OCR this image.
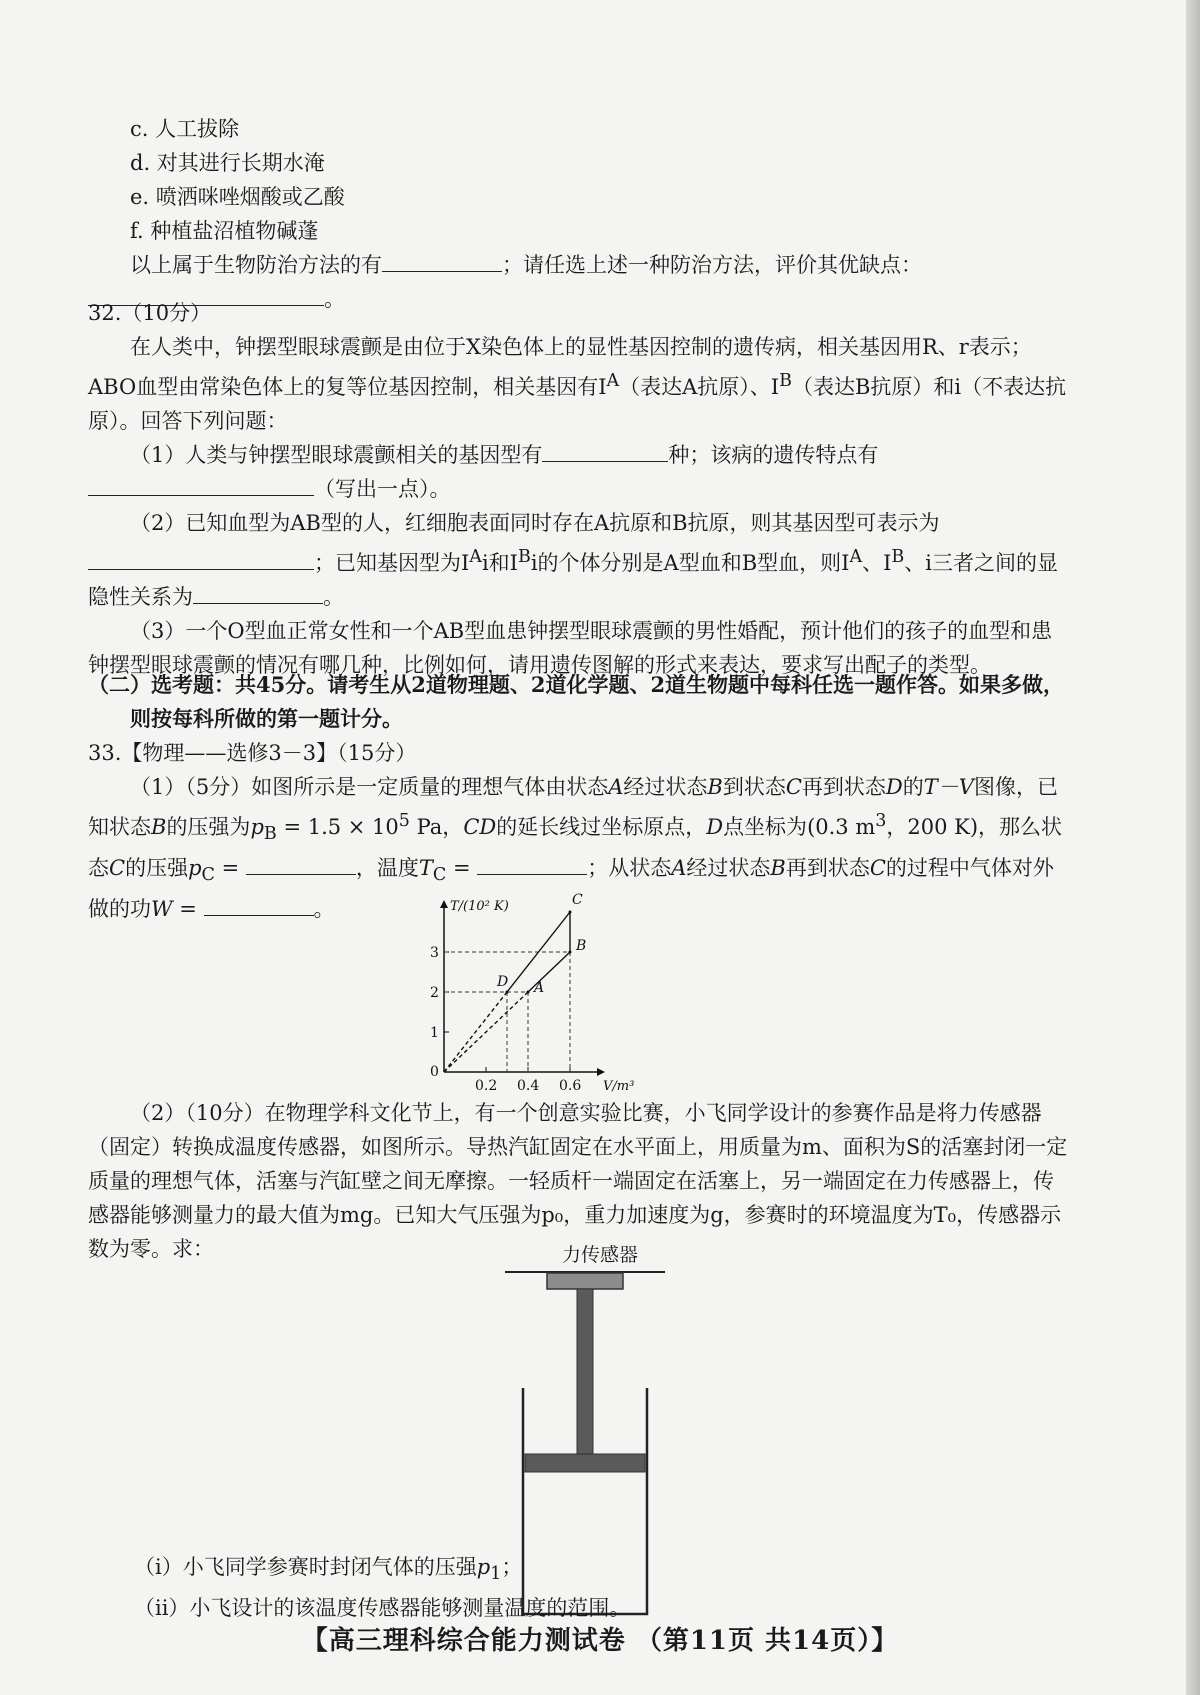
c. 人工拔除

d. 对其进行长期水淹

e. 喷洒咪唑烟酸或乙酸

f. 种植盐沼植物碱蓬

以上属于生物防治方法的有	；请任选上述一种防治方法，评价其优缺点：

。

32.（10分）

在人类中，钟摆型眼球震颤是由位于X染色体上的显性基因控制的遗传病，相关基因用R、r表示；ABO血型由常染色体上的复等位基因控制，相关基因有$I^A$（表达A抗原）、$I^B$（表达B抗原）和i（不表达抗原）。回答下列问题：

（1）人类与钟摆型眼球震颤相关的基因型有	种；该病的遗传特点有

（写出一点）。

（2）已知血型为AB型的人，红细胞表面同时存在A抗原和B抗原，则其基因型可表示为

；已知基因型为$I^Ai$和$I^Bi$的个体分别是A型血和B型血，则$I^A$、$I^B$、i三者之间的显隐性关系为	。

（3）一个O型血正常女性和一个AB型血患钟摆型眼球震颤的男性婚配，预计他们的孩子的血型和患钟摆型眼球震颤的情况有哪几种，比例如何，请用遗传图解的形式来表达，要求写出配子的类型。

（二）选考题：共45分。请考生从2道物理题、2道化学题、2道生物题中每科任选一题作答。如果多做，则按每科所做的第一题计分。

33.【物理——选修3－3】（15分）

（1）（5分）如图所示是一定质量的理想气体由状态A经过状态B到状态C再到状态D的T－V图像，已知状态B的压强为$p_B = 1.5 \times 10^5$ Pa，CD的延长线过坐标原点，D点坐标为(0.3 $m^3$，200 K)，那么状态C的压强$p_C$ =	，温度$T_C$ =	；从状态A经过状态B再到状态C的过程中气体对外做的功W =	。	T/(10² K)
V/m³
0
1
2
3
0.2 0.4 0.6
A
B
C
D

（2）（10分）在物理学科文化节上，有一个创意实验比赛，小飞同学设计的参赛作品是将力传感器（固定）转换成温度传感器，如图所示。导热汽缸固定在水平面上，用质量为m、面积为S的活塞封闭一定质量的理想气体，活塞与汽缸壁之间无摩擦。一轻质杆一端固定在活塞上，另一端固定在力传感器上，传感器能够测量力的最大值为mg。已知大气压强为p₀，重力加速度为g，参赛时的环境温度为T₀，传感器示数为零。求：	力传感器

（i）小飞同学参赛时封闭气体的压强$p_1$；

（ii）小飞设计的该温度传感器能够测量温度的范围。

【高三理科综合能力测试卷 （第11页 共14页）】
